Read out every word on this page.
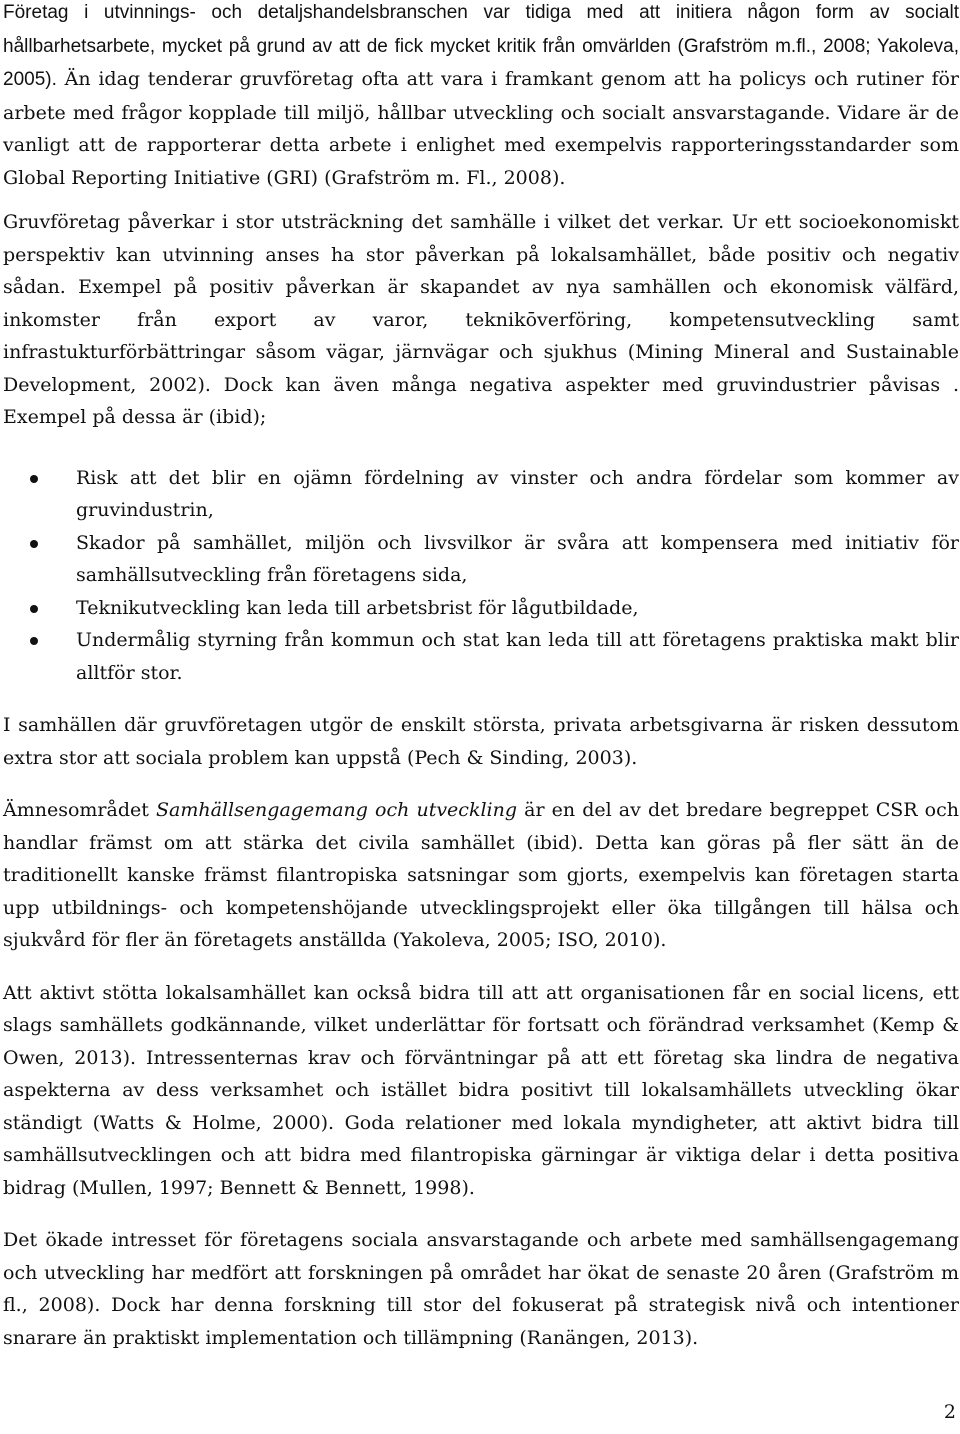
Företag i utvinnings- och detaljshandelsbranschen var tidiga med att initiera någon form av socialt hållbarhetsarbete, mycket på grund av att de fick mycket kritik från omvärlden (Grafström m.fl., 2008; Yakoleva, 2005). Än idag tenderar gruvföretag ofta att vara i framkant genom att ha policys och rutiner för arbete med frågor kopplade till miljö, hållbar utveckling och socialt ansvarstagande. Vidare är de vanligt att de rapporterar detta arbete i enlighet med exempelvis rapporteringsstandarder som Global Reporting Initiative (GRI) (Grafström m. Fl., 2008).

Gruvföretag påverkar i stor utsträckning det samhälle i vilket det verkar. Ur ett socioekonomiskt perspektiv kan utvinning anses ha stor påverkan på lokalsamhället, både positiv och negativ sådan. Exempel på positiv påverkan är skapandet av nya samhällen och ekonomisk välfärd, inkomster från export av varor, teknikōverföring, kompetensutveckling samt infrastukturförbättringar såsom vägar, järnvägar och sjukhus (Mining Mineral and Sustainable Development, 2002). Dock kan även många negativa aspekter med gruvindustrier påvisas . Exempel på dessa är (ibid);

Risk att det blir en ojämn fördelning av vinster och andra fördelar som kommer av gruvindustrin,
Skador på samhället, miljön och livsvilkor är svåra att kompensera med initiativ för samhällsutveckling från företagens sida,
Teknikutveckling kan leda till arbetsbrist för lågutbildade,
Undermålig styrning från kommun och stat kan leda till att företagens praktiska makt blir alltför stor.

I samhällen där gruvföretagen utgör de enskilt största, privata arbetsgivarna är risken dessutom extra stor att sociala problem kan uppstå (Pech & Sinding, 2003).

Ämnesområdet Samhällsengagemang och utveckling är en del av det bredare begreppet CSR och handlar främst om att stärka det civila samhället (ibid). Detta kan göras på fler sätt än de traditionellt kanske främst filantropiska satsningar som gjorts, exempelvis kan företagen starta upp utbildnings- och kompetenshöjande utvecklingsprojekt eller öka tillgången till hälsa och sjukvård för fler än företagets anställda (Yakoleva, 2005; ISO, 2010).

Att aktivt stötta lokalsamhället kan också bidra till att att organisationen får en social licens, ett slags samhällets godkännande, vilket underlättar för fortsatt och förändrad verksamhet (Kemp & Owen, 2013). Intressenternas krav och förväntningar på att ett företag ska lindra de negativa aspekterna av dess verksamhet och istället bidra positivt till lokalsamhällets utveckling ökar ständigt (Watts & Holme, 2000). Goda relationer med lokala myndigheter, att aktivt bidra till samhällsutvecklingen och att bidra med filantropiska gärningar är viktiga delar i detta positiva bidrag (Mullen, 1997; Bennett & Bennett, 1998).

Det ökade intresset för företagens sociala ansvarstagande och arbete med samhällsengagemang och utveckling har medfört att forskningen på området har ökat de senaste 20 åren (Grafström m fl., 2008). Dock har denna forskning till stor del fokuserat på strategisk nivå och intentioner snarare än praktiskt implementation och tillämpning (Ranängen, 2013).

2
